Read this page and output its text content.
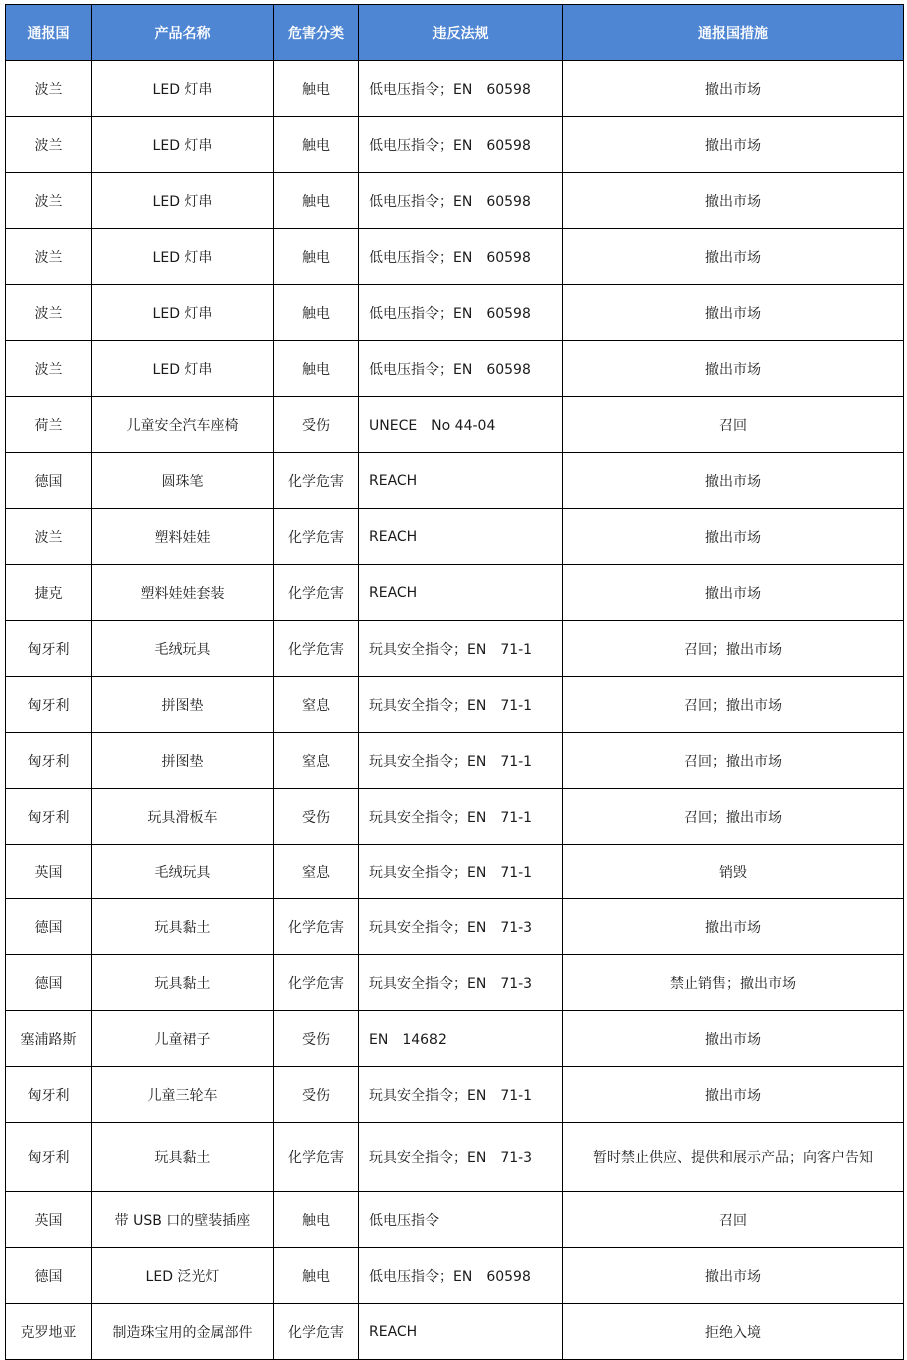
通报国	产品名称	危害分类	违反法规	通报国措施
波兰	LED 灯串	触电	低电压指令；EN　60598	撤出市场
波兰	LED 灯串	触电	低电压指令；EN　60598	撤出市场
波兰	LED 灯串	触电	低电压指令；EN　60598	撤出市场
波兰	LED 灯串	触电	低电压指令；EN　60598	撤出市场
波兰	LED 灯串	触电	低电压指令；EN　60598	撤出市场
波兰	LED 灯串	触电	低电压指令；EN　60598	撤出市场
荷兰	儿童安全汽车座椅	受伤	UNECE　No 44-04	召回
德国	圆珠笔	化学危害	REACH	撤出市场
波兰	塑料娃娃	化学危害	REACH	撤出市场
捷克	塑料娃娃套装	化学危害	REACH	撤出市场
匈牙利	毛绒玩具	化学危害	玩具安全指令；EN　71-1	召回；撤出市场
匈牙利	拼图垫	窒息	玩具安全指令；EN　71-1	召回；撤出市场
匈牙利	拼图垫	窒息	玩具安全指令；EN　71-1	召回；撤出市场
匈牙利	玩具滑板车	受伤	玩具安全指令；EN　71-1	召回；撤出市场
英国	毛绒玩具	窒息	玩具安全指令；EN　71-1	销毁
德国	玩具黏土	化学危害	玩具安全指令；EN　71-3	撤出市场
德国	玩具黏土	化学危害	玩具安全指令；EN　71-3	禁止销售；撤出市场
塞浦路斯	儿童裙子	受伤	EN　14682	撤出市场
匈牙利	儿童三轮车	受伤	玩具安全指令；EN　71-1	撤出市场
匈牙利	玩具黏土	化学危害	玩具安全指令；EN　71-3	暂时禁止供应、提供和展示产品；向客户告知
英国	带 USB 口的壁装插座	触电	低电压指令	召回
德国	LED 泛光灯	触电	低电压指令；EN　60598	撤出市场
克罗地亚	制造珠宝用的金属部件	化学危害	REACH	拒绝入境
